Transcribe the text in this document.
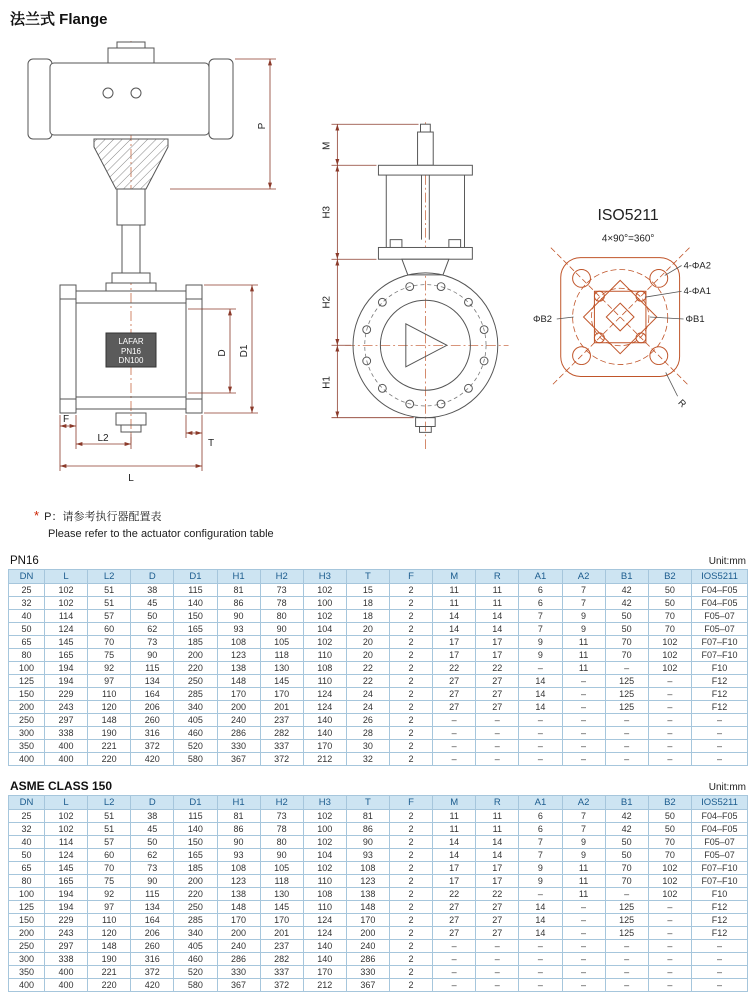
法兰式 Flange
LAFAR
PN16
DN100
P
D D1
F
L2	T
L
M
H3
H2
H1
ISO5211
4×90°=360°
4-ΦA2
4-ΦA1
ΦB2	ΦB1
R
* P：请参考执行器配置表
Please refer to the actuator configuration table
PN16	Unit:mm
DN	L	L2	D	D1	H1	H2	H3	T	F	M	R	A1	A2	B1	B2	IOS5211
25	102	51	38	115	81	73	102	15	2	11	11	6	7	42	50	F04–F05
32	102	51	45	140	86	78	100	18	2	11	11	6	7	42	50	F04–F05
40	114	57	50	150	90	80	102	18	2	14	14	7	9	50	70	F05–07
50	124	60	62	165	93	90	104	20	2	14	14	7	9	50	70	F05–07
65	145	70	73	185	108	105	102	20	2	17	17	9	11	70	102	F07–F10
80	165	75	90	200	123	118	110	20	2	17	17	9	11	70	102	F07–F10
100	194	92	115	220	138	130	108	22	2	22	22	–	11	–	102	F10
125	194	97	134	250	148	145	110	22	2	27	27	14	–	125	–	F12
150	229	110	164	285	170	170	124	24	2	27	27	14	–	125	–	F12
200	243	120	206	340	200	201	124	24	2	27	27	14	–	125	–	F12
250	297	148	260	405	240	237	140	26	2	–	–	–	–	–	–	–
300	338	190	316	460	286	282	140	28	2	–	–	–	–	–	–	–
350	400	221	372	520	330	337	170	30	2	–	–	–	–	–	–	–
400	400	220	420	580	367	372	212	32	2	–	–	–	–	–	–	–
ASME CLASS 150	Unit:mm
DN	L	L2	D	D1	H1	H2	H3	T	F	M	R	A1	A2	B1	B2	IOS5211
25	102	51	38	115	81	73	102	81	2	11	11	6	7	42	50	F04–F05
32	102	51	45	140	86	78	100	86	2	11	11	6	7	42	50	F04–F05
40	114	57	50	150	90	80	102	90	2	14	14	7	9	50	70	F05–07
50	124	60	62	165	93	90	104	93	2	14	14	7	9	50	70	F05–07
65	145	70	73	185	108	105	102	108	2	17	17	9	11	70	102	F07–F10
80	165	75	90	200	123	118	110	123	2	17	17	9	11	70	102	F07–F10
100	194	92	115	220	138	130	108	138	2	22	22	–	11	–	102	F10
125	194	97	134	250	148	145	110	148	2	27	27	14	–	125	–	F12
150	229	110	164	285	170	170	124	170	2	27	27	14	–	125	–	F12
200	243	120	206	340	200	201	124	200	2	27	27	14	–	125	–	F12
250	297	148	260	405	240	237	140	240	2	–	–	–	–	–	–	–
300	338	190	316	460	286	282	140	286	2	–	–	–	–	–	–	–
350	400	221	372	520	330	337	170	330	2	–	–	–	–	–	–	–
400	400	220	420	580	367	372	212	367	2	–	–	–	–	–	–	–
